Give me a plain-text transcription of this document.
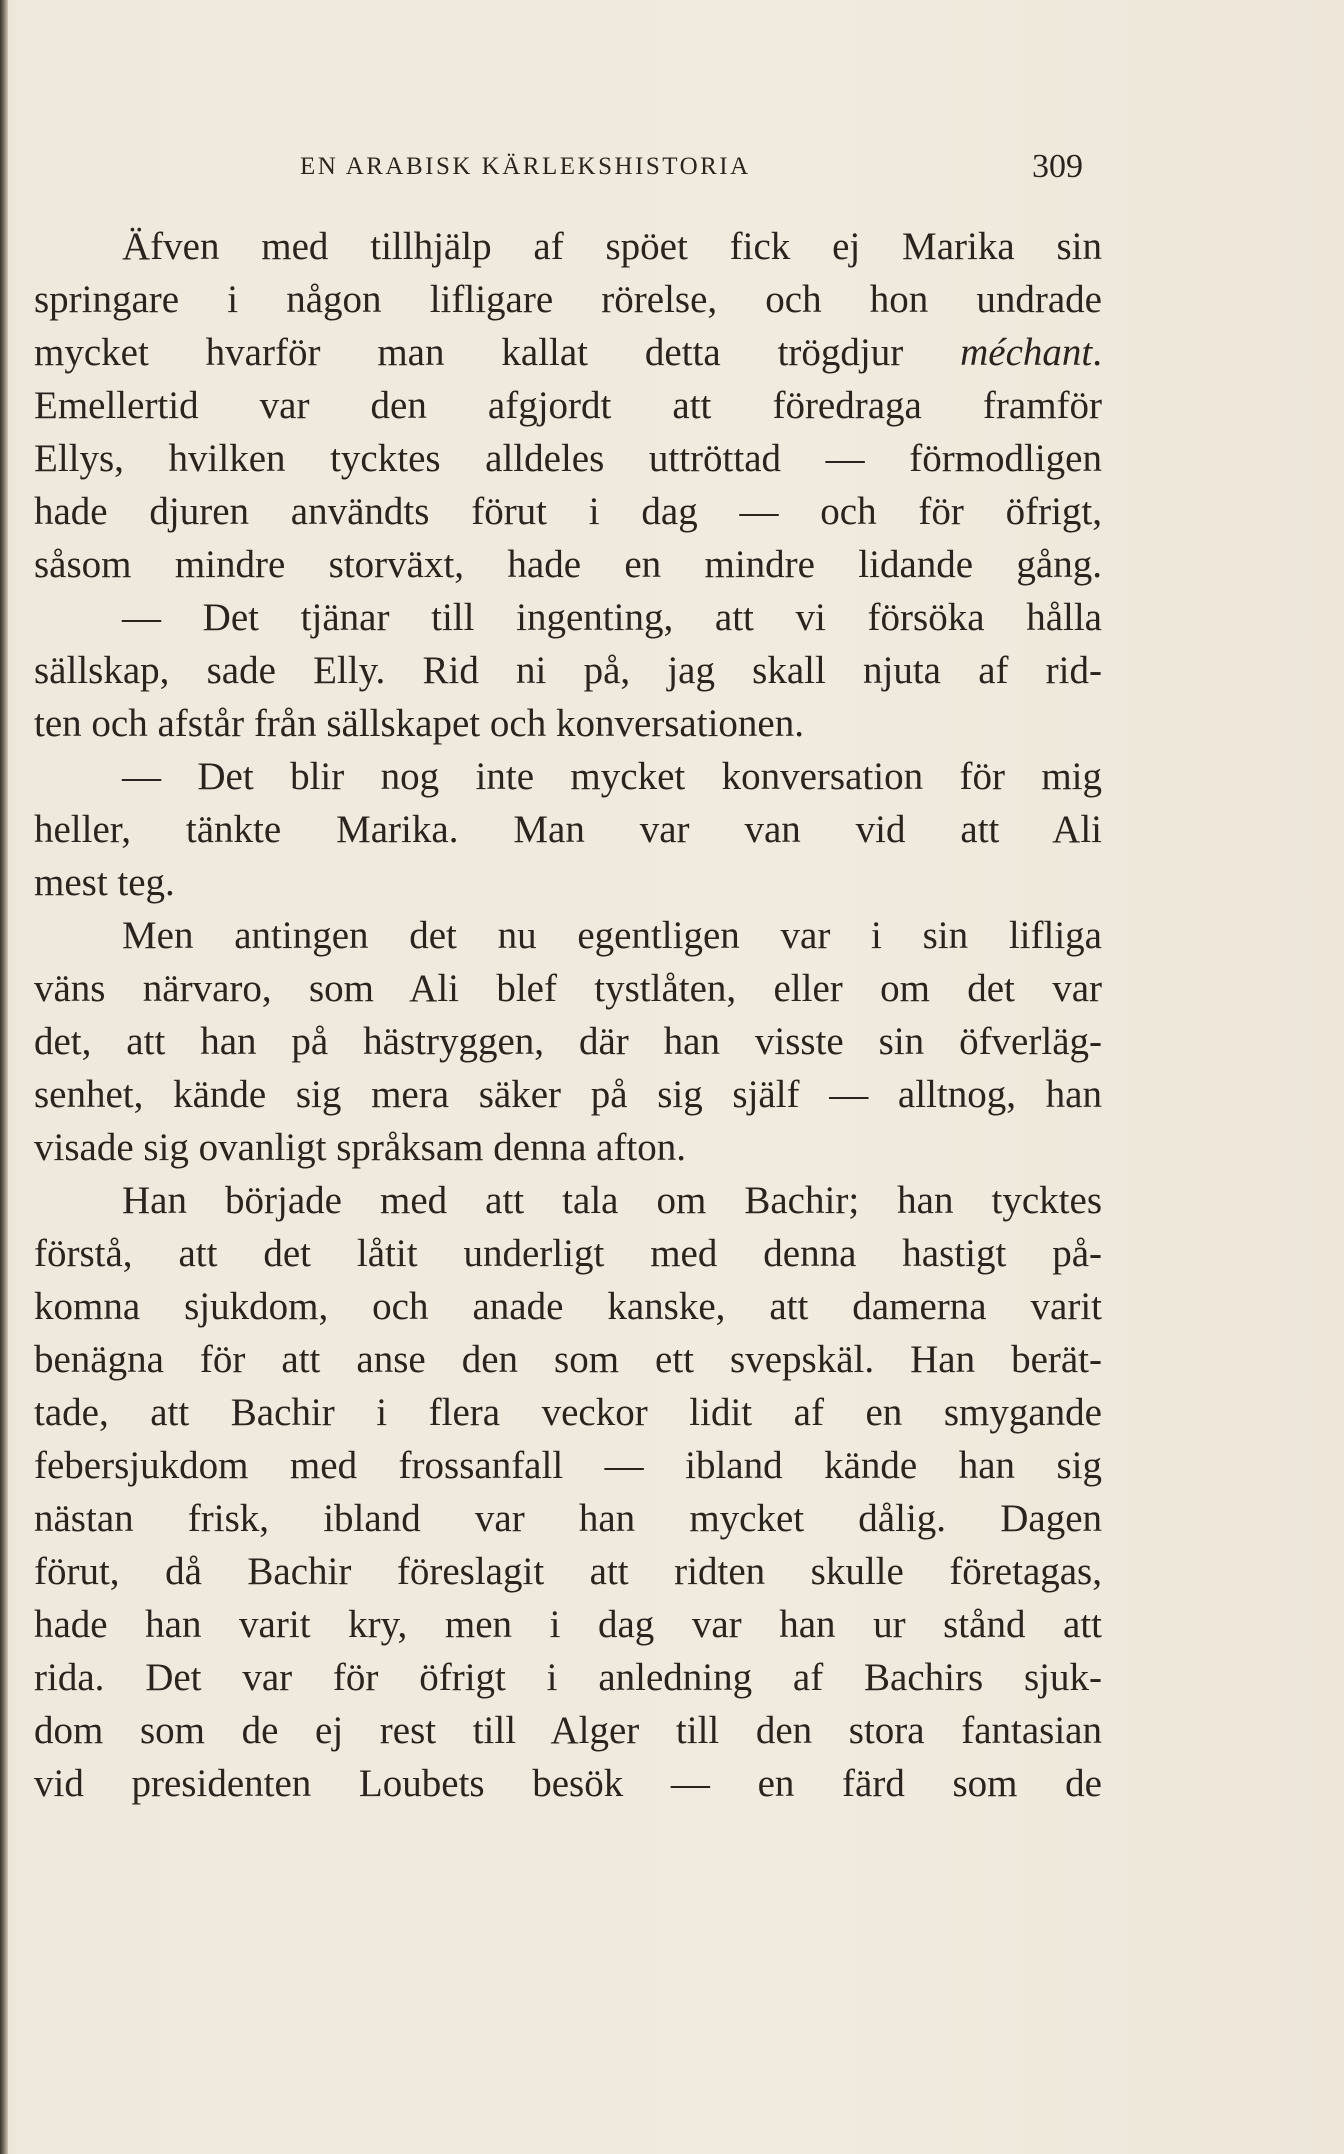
EN ARABISK KÄRLEKSHISTORIA	309
Äfven med tillhjälp af spöet fick ej Marika sin
springare i någon lifligare rörelse, och hon undrade
mycket hvarför man kallat detta trögdjur méchant.
Emellertid var den afgjordt att föredraga framför
Ellys, hvilken tycktes alldeles uttröttad — förmodligen
hade djuren användts förut i dag — och för öfrigt,
såsom mindre storväxt, hade en mindre lidande gång.
— Det tjänar till ingenting, att vi försöka hålla
sällskap, sade Elly. Rid ni på, jag skall njuta af rid-
ten och afstår från sällskapet och konversationen.
— Det blir nog inte mycket konversation för mig
heller, tänkte Marika. Man var van vid att Ali
mest teg.
Men antingen det nu egentligen var i sin lifliga
väns närvaro, som Ali blef tystlåten, eller om det var
det, att han på hästryggen, där han visste sin öfverläg-
senhet, kände sig mera säker på sig själf — alltnog, han
visade sig ovanligt språksam denna afton.
Han började med att tala om Bachir; han tycktes
förstå, att det låtit underligt med denna hastigt på-
komna sjukdom, och anade kanske, att damerna varit
benägna för att anse den som ett svepskäl. Han berät-
tade, att Bachir i flera veckor lidit af en smygande
febersjukdom med frossanfall — ibland kände han sig
nästan frisk, ibland var han mycket dålig. Dagen
förut, då Bachir föreslagit att ridten skulle företagas,
hade han varit kry, men i dag var han ur stånd att
rida. Det var för öfrigt i anledning af Bachirs sjuk-
dom som de ej rest till Alger till den stora fantasian
vid presidenten Loubets besök — en färd som de
